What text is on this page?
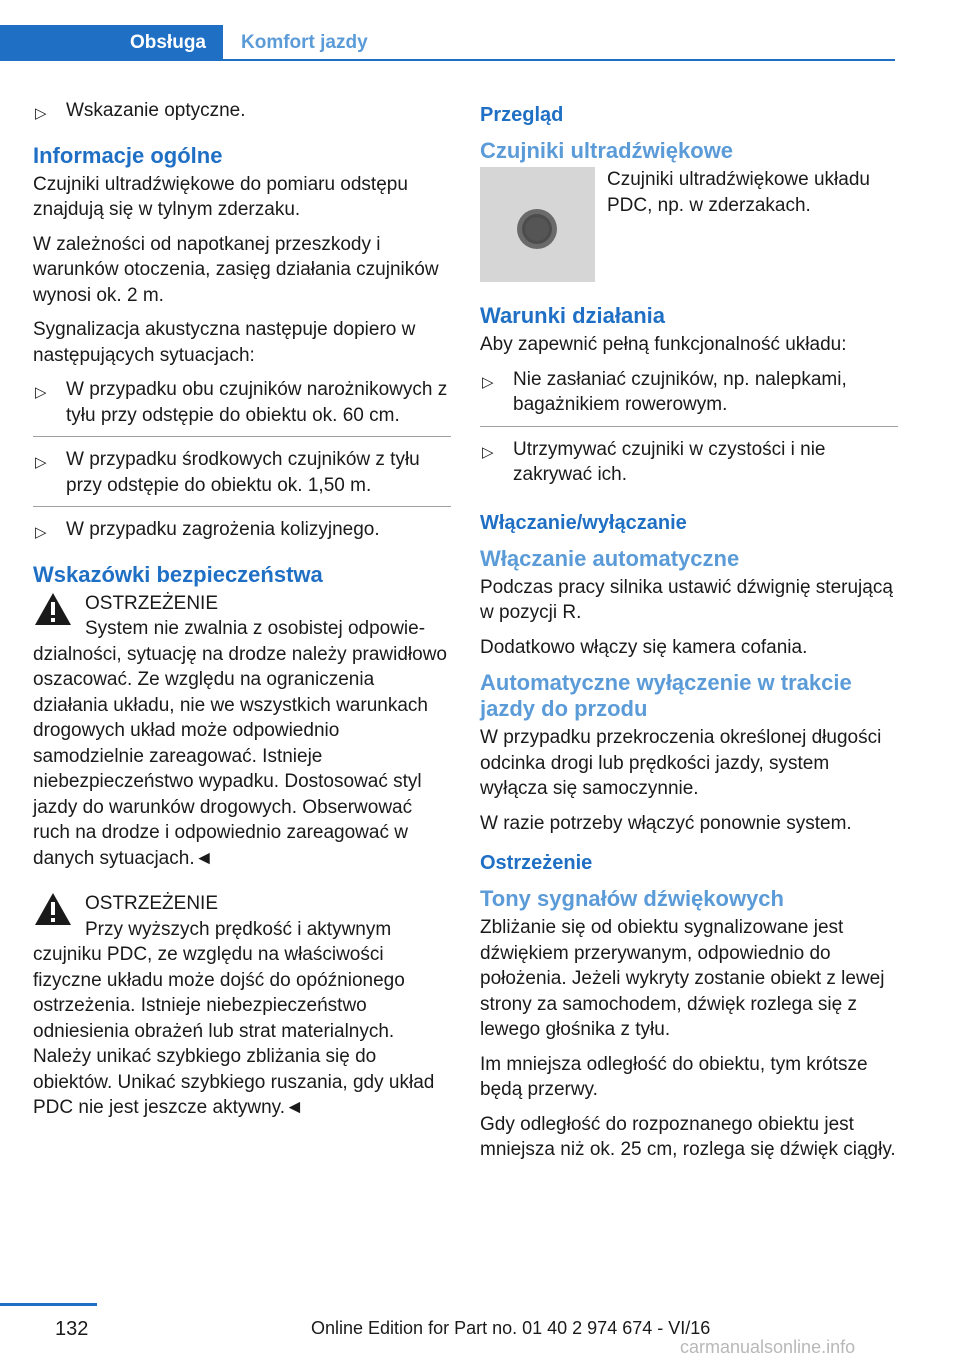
Obsługa	Komfort jazdy
▷ Wskazanie optyczne.
Informacje ogólne

Czujniki ultradźwiękowe do pomiaru odstępu znajdują się w tylnym zderzaku.

W zależności od napotkanej przeszkody i warunków otoczenia, zasięg działania czujników wynosi ok. 2 m.

Sygnalizacja akustyczna następuje dopiero w następujących sytuacjach:

▷ W przypadku obu czujników narożnikowych z tyłu przy odstępie do obiektu ok. 60 cm.
▷ W przypadku środkowych czujników z tyłu przy odstępie do obiektu ok. 1,50 m.
▷ W przypadku zagrożenia kolizyjnego.
Wskazówki bezpieczeństwa

OSTRZEŻENIE

System nie zwalnia z osobistej odpowie-

dzialności, sytuację na drodze należy prawidłowo oszacować. Ze względu na ograniczenia działania układu, nie we wszystkich warunkach drogowych układ może odpowiednio samodzielnie zareagować. Istnieje niebezpieczeństwo wypadku. Dostosować styl jazdy do warunków drogowych. Obserwować ruch na drodze i odpowiednio zareagować w danych sytuacjach.◄

OSTRZEŻENIE

Przy wyższych prędkość i aktywnym

czujniku PDC, ze względu na właściwości fizyczne układu może dojść do opóźnionego ostrzeżenia. Istnieje niebezpieczeństwo odniesienia obrażeń lub strat materialnych. Należy unikać szybkiego zbliżania się do obiektów. Unikać szybkiego ruszania, gdy układ PDC nie jest jeszcze aktywny.◄

Przegląd
Czujniki ultradźwiękowe
Czujniki ultradźwiękowe układu PDC, np. w zderzakach.
Warunki działania

Aby zapewnić pełną funkcjonalność układu:

▷ Nie zasłaniać czujników, np. nalepkami, bagażnikiem rowerowym.
▷ Utrzymywać czujniki w czystości i nie zakrywać ich.
Włączanie/wyłączanie
Włączanie automatyczne

Podczas pracy silnika ustawić dźwignię sterującą w pozycji R.

Dodatkowo włączy się kamera cofania.

Automatyczne wyłączenie w trakcie jazdy do przodu

W przypadku przekroczenia określonej długości odcinka drogi lub prędkości jazdy, system wyłącza się samoczynnie.

W razie potrzeby włączyć ponownie system.

Ostrzeżenie
Tony sygnałów dźwiękowych

Zbliżanie się od obiektu sygnalizowane jest dźwiękiem przerywanym, odpowiednio do położenia. Jeżeli wykryty zostanie obiekt z lewej strony za samochodem, dźwięk rozlega się z lewego głośnika z tyłu.

Im mniejsza odległość do obiektu, tym krótsze będą przerwy.

Gdy odległość do rozpoznanego obiektu jest mniejsza niż ok. 25 cm, rozlega się dźwięk ciągły.

132	Online Edition for Part no. 01 40 2 974 674 - VI/16
carmanualsonline.info
